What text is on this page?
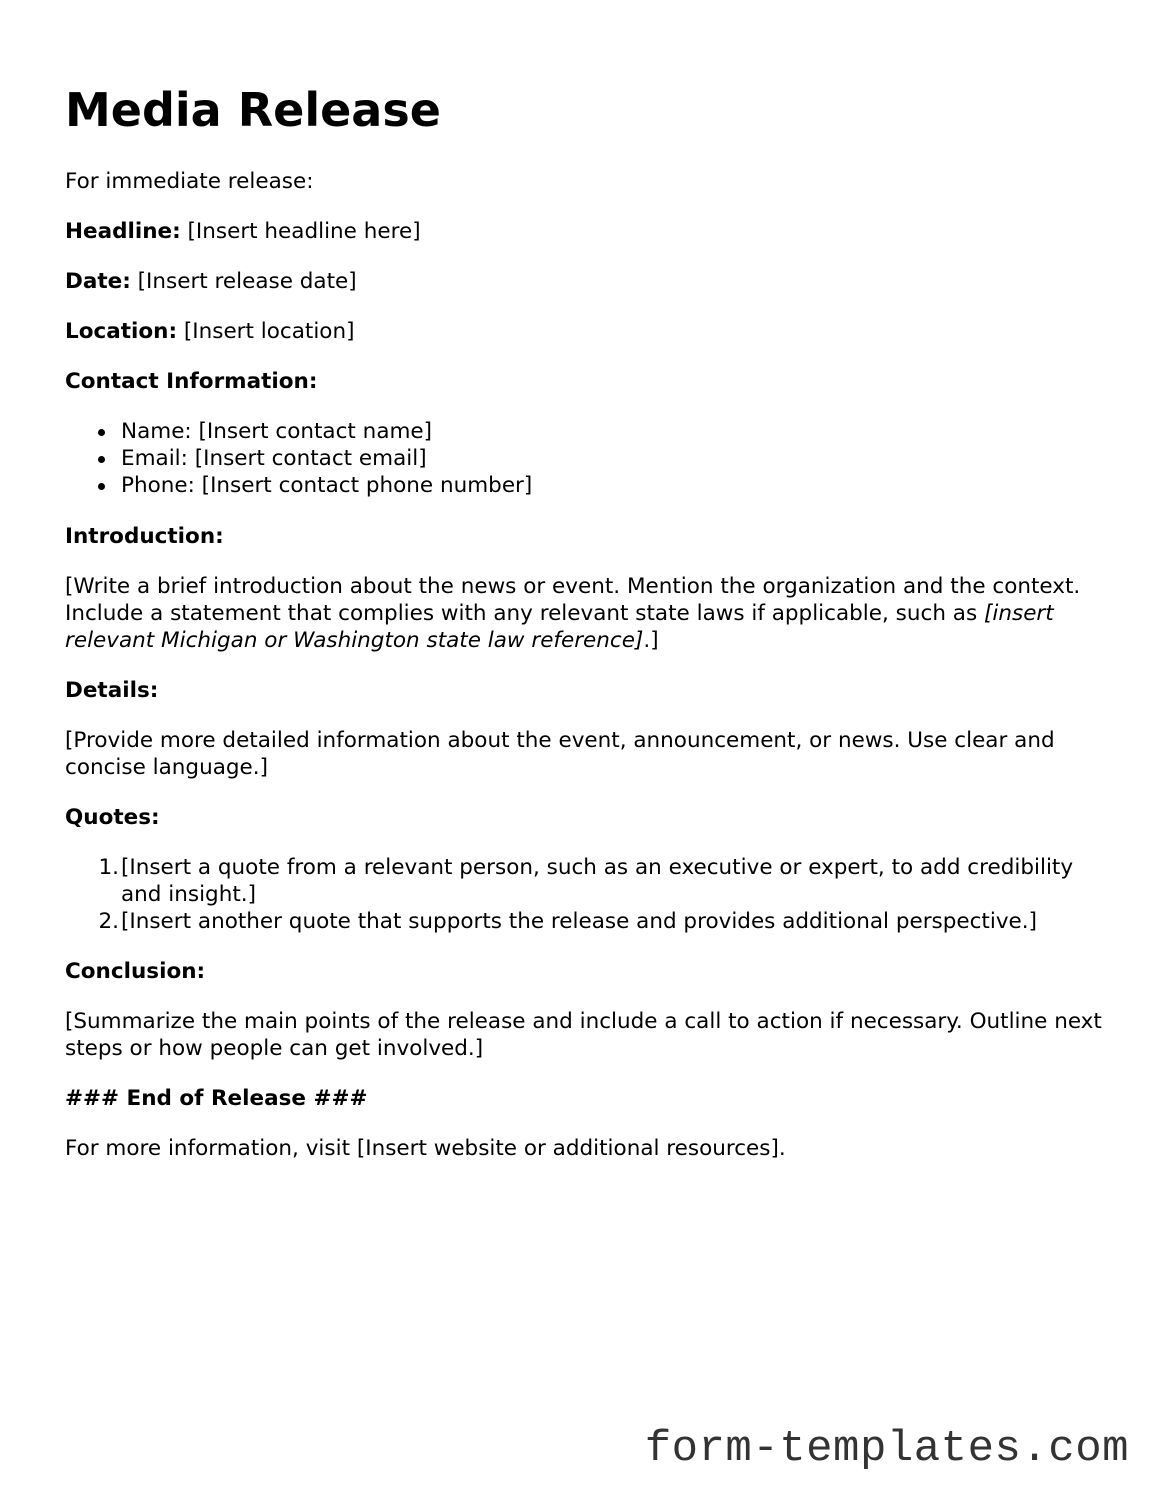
Media Release

For immediate release:

Headline: [Insert headline here]

Date: [Insert release date]

Location: [Insert location]

Contact Information:

Name: [Insert contact name]
Email: [Insert contact email]
Phone: [Insert contact phone number]

Introduction:

[Write a brief introduction about the news or event. Mention the organization and the context. Include a statement that complies with any relevant state laws if applicable, such as [insert relevant Michigan or Washington state law reference].]

Details:

[Provide more detailed information about the event, announcement, or news. Use clear and concise language.]

Quotes:

1. [Insert a quote from a relevant person, such as an executive or expert, to add credibility and insight.]
2. [Insert another quote that supports the release and provides additional perspective.]

Conclusion:

[Summarize the main points of the release and include a call to action if necessary. Outline next steps or how people can get involved.]

### End of Release ###

For more information, visit [Insert website or additional resources].

form-templates.com
